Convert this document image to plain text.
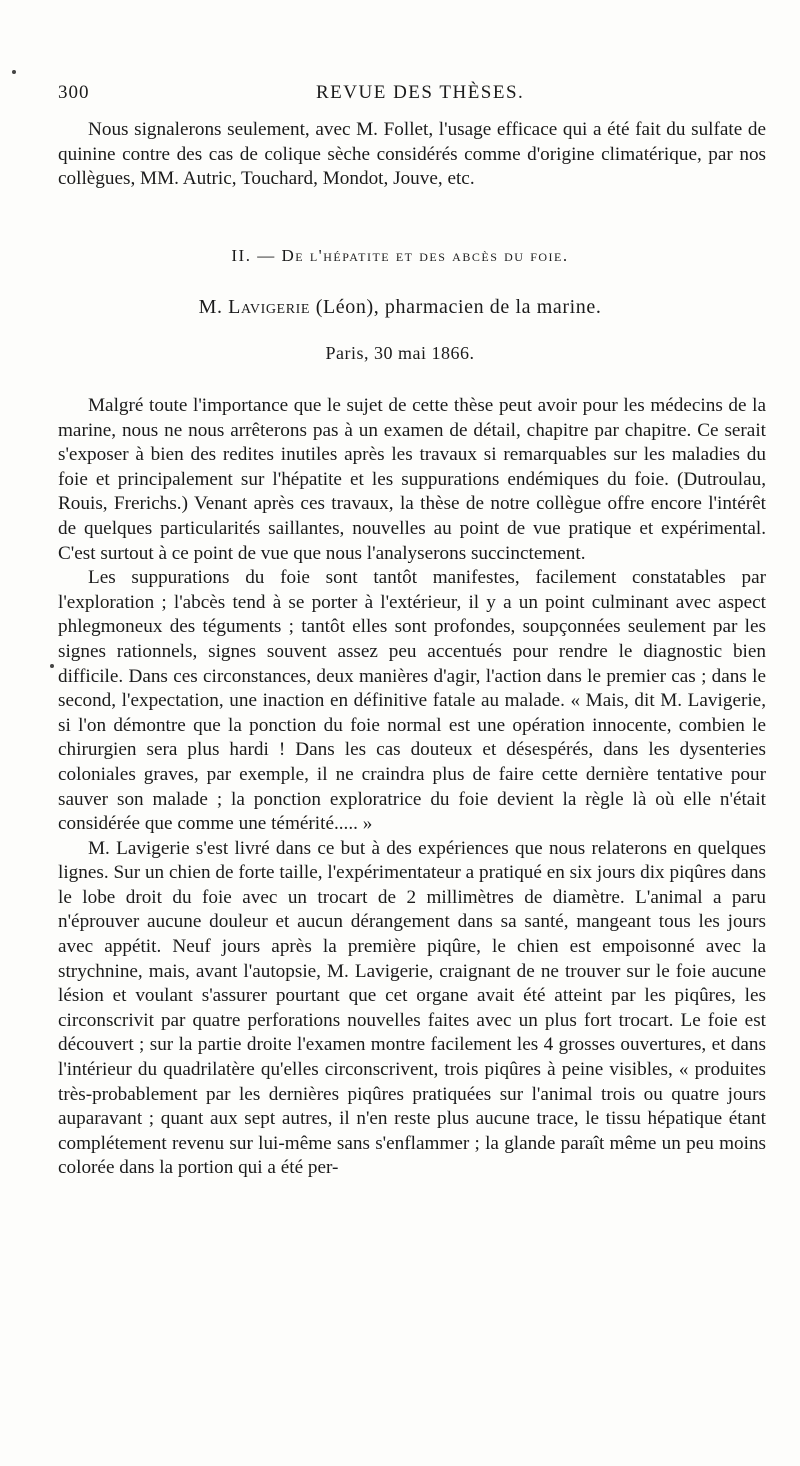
300	REVUE DES THÈSES.

Nous signalerons seulement, avec M. Follet, l'usage efficace qui a été fait du sulfate de quinine contre des cas de colique sèche considérés comme d'origine climatérique, par nos collègues, MM. Autric, Touchard, Mondot, Jouve, etc.

II. — De l'hépatite et des abcès du foie.
M. Lavigerie (Léon), pharmacien de la marine.
Paris, 30 mai 1866.

Malgré toute l'importance que le sujet de cette thèse peut avoir pour les médecins de la marine, nous ne nous arrêterons pas à un examen de détail, chapitre par chapitre. Ce serait s'exposer à bien des redites inutiles après les travaux si remarquables sur les maladies du foie et principalement sur l'hépatite et les suppurations endémiques du foie. (Dutroulau, Rouis, Frerichs.) Venant après ces travaux, la thèse de notre collègue offre encore l'intérêt de quelques particularités saillantes, nouvelles au point de vue pratique et expérimental. C'est surtout à ce point de vue que nous l'analyserons succinctement.

Les suppurations du foie sont tantôt manifestes, facilement constatables par l'exploration ; l'abcès tend à se porter à l'extérieur, il y a un point culminant avec aspect phlegmoneux des téguments ; tantôt elles sont profondes, soupçonnées seulement par les signes rationnels, signes souvent assez peu accentués pour rendre le diagnostic bien difficile. Dans ces circonstances, deux manières d'agir, l'action dans le premier cas ; dans le second, l'expectation, une inaction en définitive fatale au malade. « Mais, dit M. Lavigerie, si l'on démontre que la ponction du foie normal est une opération innocente, combien le chirurgien sera plus hardi ! Dans les cas douteux et désespérés, dans les dysenteries coloniales graves, par exemple, il ne craindra plus de faire cette dernière tentative pour sauver son malade ; la ponction exploratrice du foie devient la règle là où elle n'était considérée que comme une témérité..... »

M. Lavigerie s'est livré dans ce but à des expériences que nous relaterons en quelques lignes. Sur un chien de forte taille, l'expérimentateur a pratiqué en six jours dix piqûres dans le lobe droit du foie avec un trocart de 2 millimètres de diamètre. L'animal a paru n'éprouver aucune douleur et aucun dérangement dans sa santé, mangeant tous les jours avec appétit. Neuf jours après la première piqûre, le chien est empoisonné avec la strychnine, mais, avant l'autopsie, M. Lavigerie, craignant de ne trouver sur le foie aucune lésion et voulant s'assurer pourtant que cet organe avait été atteint par les piqûres, les circonscrivit par quatre perforations nouvelles faites avec un plus fort trocart. Le foie est découvert ; sur la partie droite l'examen montre facilement les 4 grosses ouvertures, et dans l'intérieur du quadrilatère qu'elles circonscrivent, trois piqûres à peine visibles, « produites très-probablement par les dernières piqûres pratiquées sur l'animal trois ou quatre jours auparavant ; quant aux sept autres, il n'en reste plus aucune trace, le tissu hépatique étant complétement revenu sur lui-même sans s'enflammer ; la glande paraît même un peu moins colorée dans la portion qui a été per-
